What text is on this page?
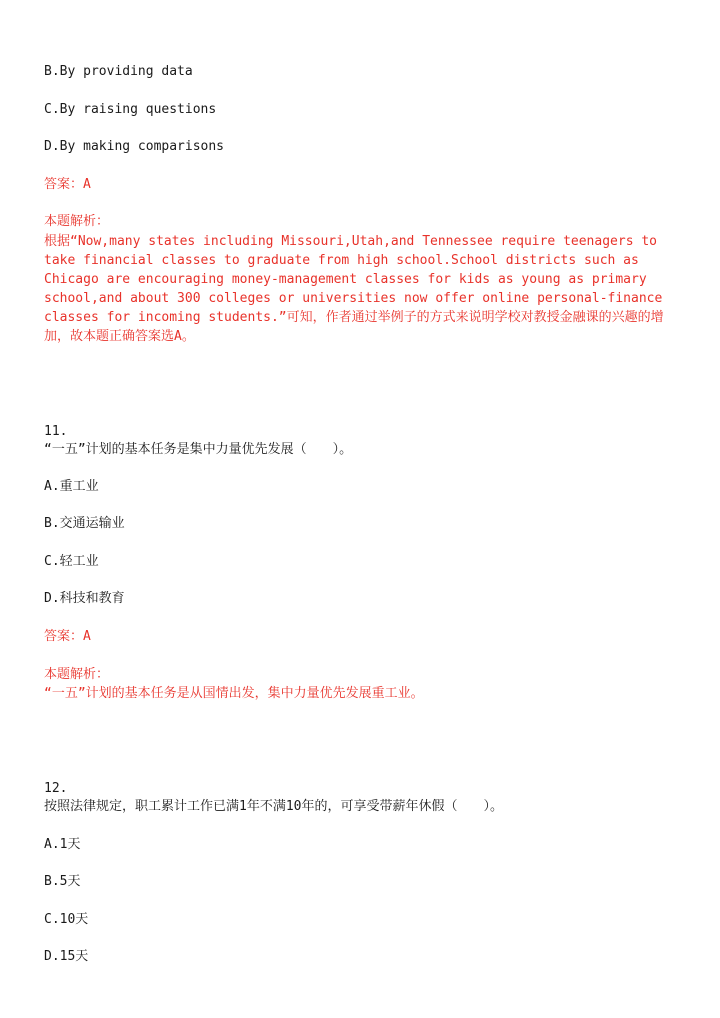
B.By providing data
C.By raising questions
D.By making comparisons
答案：A
本题解析：
根据“Now,many states including Missouri,Utah,and Tennessee require teenagers to take financial classes to graduate from high school.School districts such as Chicago are encouraging money-management classes for kids as young as primary school,and about 300 colleges or universities now offer online personal-finance classes for incoming students.”可知，作者通过举例子的方式来说明学校对教授金融课的兴趣的增加，故本题正确答案选A。
11.
“一五”计划的基本任务是集中力量优先发展（　　）。
A.重工业
B.交通运输业
C.轻工业
D.科技和教育
答案：A
本题解析：
“一五”计划的基本任务是从国情出发，集中力量优先发展重工业。
12.
按照法律规定，职工累计工作已满1年不满10年的，可享受带薪年休假（　　）。
A.1天
B.5天
C.10天
D.15天
